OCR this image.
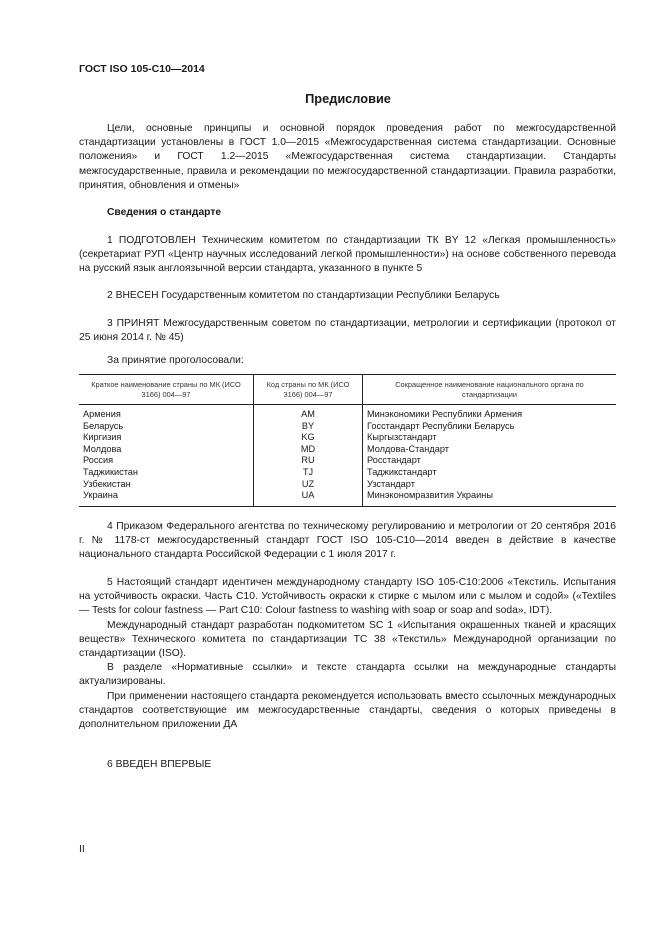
ГОСТ ISO 105-C10—2014
Предисловие

Цели, основные принципы и основной порядок проведения работ по межгосударственной стандартизации установлены в ГОСТ 1.0—2015 «Межгосударственная система стандартизации. Основные положения» и ГОСТ 1.2—2015 «Межгосударственная система стандартизации. Стандарты межгосударственные, правила и рекомендации по межгосударственной стандартизации. Правила разработки, принятия, обновления и отмены»

Сведения о стандарте

1 ПОДГОТОВЛЕН Техническим комитетом по стандартизации ТК BY 12 «Легкая промышленность» (секретариат РУП «Центр научных исследований легкой промышленности») на основе собственного перевода на русский язык англоязычной версии стандарта, указанного в пункте 5

2 ВНЕСЕН Государственным комитетом по стандартизации Республики Беларусь

3 ПРИНЯТ Межгосударственным советом по стандартизации, метрологии и сертификации (протокол от 25 июня 2014 г. № 45)

За принятие проголосовали:

Краткое наименование страны по МК (ИСО 3166) 004—97	Код страны по МК (ИСО 3166) 004—97	Сокращенное наименование национального органа по стандартизации
Армения	AM	Минэкономики Республики Армения
Беларусь	BY	Госстандарт Республики Беларусь
Киргизия	KG	Кыргызстандарт
Молдова	MD	Молдова-Стандарт
Россия	RU	Росстандарт
Таджикистан	TJ	Таджикстандарт
Узбекистан	UZ	Узстандарт
Украина	UA	Минэкономразвития Украины

4 Приказом Федерального агентства по техническому регулированию и метрологии от 20 сентября 2016 г. № 1178-ст межгосударственный стандарт ГОСТ ISO 105-C10—2014 введен в действие в качестве национального стандарта Российской Федерации с 1 июля 2017 г.

5 Настоящий стандарт идентичен международному стандарту ISO 105-C10:2006 «Текстиль. Испытания на устойчивость окраски. Часть С10. Устойчивость окраски к стирке с мылом или с мылом и содой» («Textiles — Tests for colour fastness — Part C10: Colour fastness to washing with soap or soap and soda», IDT).

Международный стандарт разработан подкомитетом SC 1 «Испытания окрашенных тканей и красящих веществ» Технического комитета по стандартизации ТС 38 «Текстиль» Международной организации по стандартизации (ISO).

В разделе «Нормативные ссылки» и тексте стандарта ссылки на международные стандарты актуализированы.

При применении настоящего стандарта рекомендуется использовать вместо ссылочных международных стандартов соответствующие им межгосударственные стандарты, сведения о которых приведены в дополнительном приложении ДА

6 ВВЕДЕН ВПЕРВЫЕ

II
